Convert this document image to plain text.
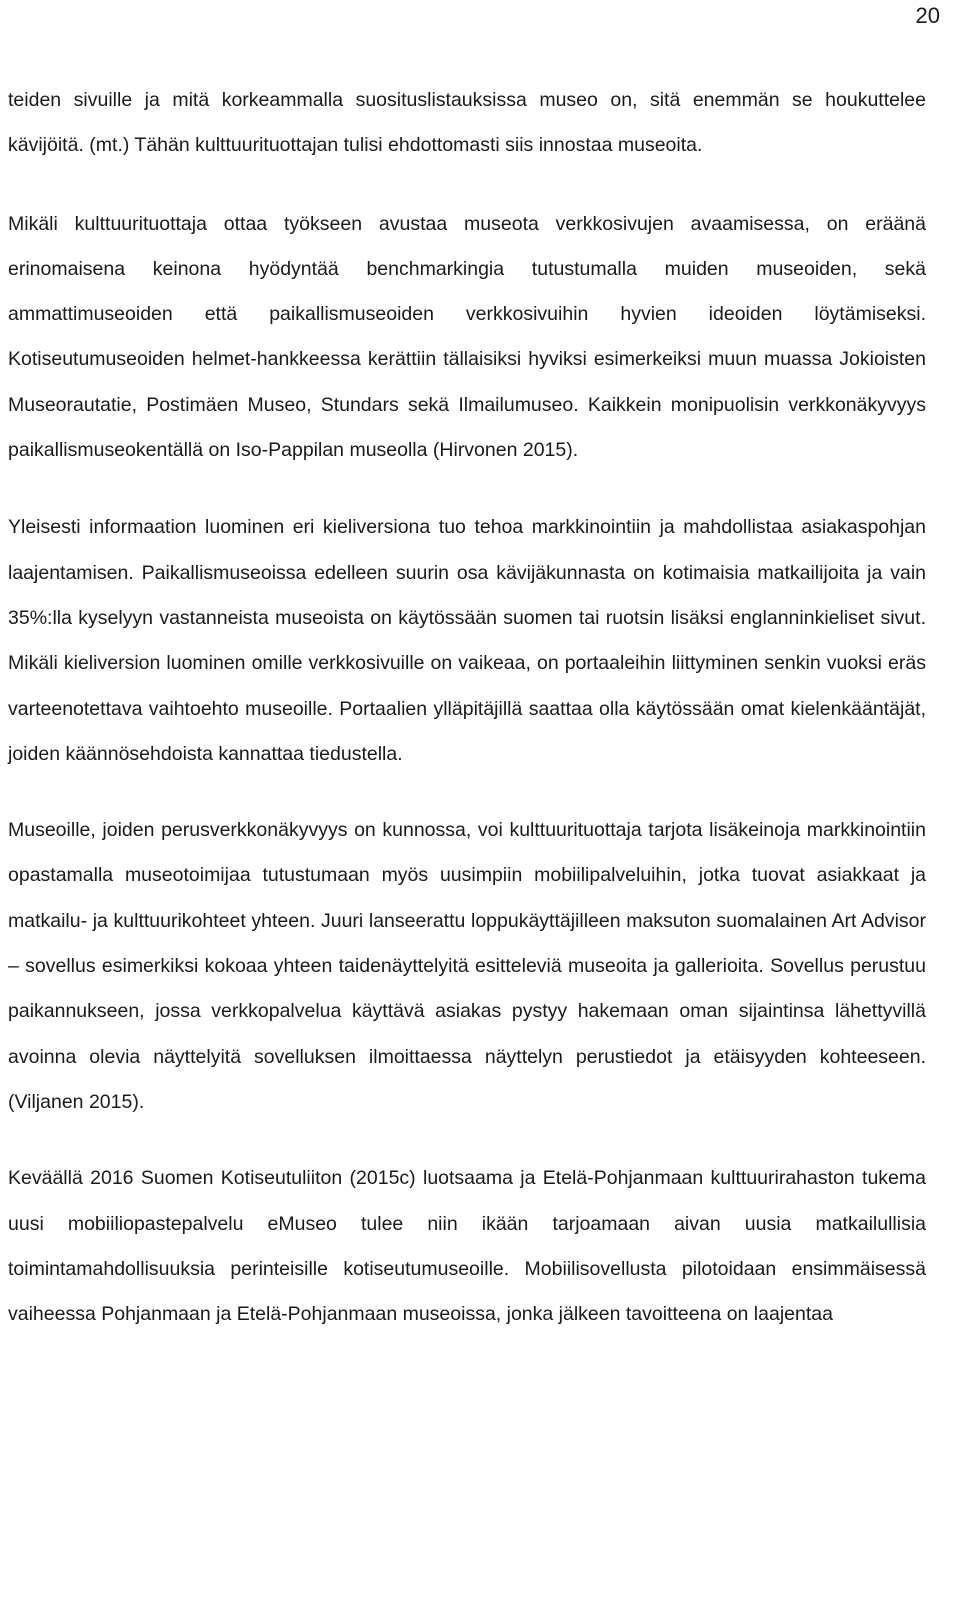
20

teiden sivuille ja mitä korkeammalla suosituslistauksissa museo on, sitä enemmän se houkuttelee kävijöitä. (mt.) Tähän kulttuurituottajan tulisi ehdottomasti siis innostaa museoita.

Mikäli kulttuurituottaja ottaa työkseen avustaa museota verkkosivujen avaamisessa, on eräänä erinomaisena keinona hyödyntää benchmarkingia tutustumalla muiden museoiden, sekä ammattimuseoiden että paikallismuseoiden verkkosivuihin hyvien ideoiden löytämiseksi. Kotiseutumuseoiden helmet-hankkeessa kerättiin tällaisiksi hyviksi esimerkeiksi muun muassa Jokioisten Museorautatie, Postimäen Museo, Stundars sekä Ilmailumuseo. Kaikkein monipuolisin verkkonäkyvyys paikallismuseokentällä on Iso-Pappilan museolla (Hirvonen 2015).

Yleisesti informaation luominen eri kieliversiona tuo tehoa markkinointiin ja mahdollistaa asiakaspohjan laajentamisen. Paikallismuseoissa edelleen suurin osa kävijäkunnasta on kotimaisia matkailijoita ja vain 35%:lla kyselyyn vastanneista museoista on käytössään suomen tai ruotsin lisäksi englanninkieliset sivut. Mikäli kieliversion luominen omille verkkosivuille on vaikeaa, on portaaleihin liittyminen senkin vuoksi eräs varteenotettava vaihtoehto museoille. Portaalien ylläpitäjillä saattaa olla käytössään omat kielenkääntäjät, joiden käännösehdoista kannattaa tiedustella.

Museoille, joiden perusverkkonäkyvyys on kunnossa, voi kulttuurituottaja tarjota lisäkeinoja markkinointiin opastamalla museotoimijaa tutustumaan myös uusimpiin mobiilipalveluihin, jotka tuovat asiakkaat ja matkailu- ja kulttuurikohteet yhteen. Juuri lanseerattu loppukäyttäjilleen maksuton suomalainen Art Advisor – sovellus esimerkiksi kokoaa yhteen taidenäyttelyitä esitteleviä museoita ja gallerioita. Sovellus perustuu paikannukseen, jossa verkkopalvelua käyttävä asiakas pystyy hakemaan oman sijaintinsa lähettyvillä avoinna olevia näyttelyitä sovelluksen ilmoittaessa näyttelyn perustiedot ja etäisyyden kohteeseen. (Viljanen 2015).

Keväällä 2016 Suomen Kotiseutuliiton (2015c) luotsaama ja Etelä-Pohjanmaan kulttuurirahaston tukema uusi mobiiliopastepalvelu eMuseo tulee niin ikään tarjoamaan aivan uusia matkailullisia toimintamahdollisuuksia perinteisille kotiseutumuseoille. Mobiilisovellusta pilotoidaan ensimmäisessä vaiheessa Pohjanmaan ja Etelä-Pohjanmaan museoissa, jonka jälkeen tavoitteena on laajentaa
